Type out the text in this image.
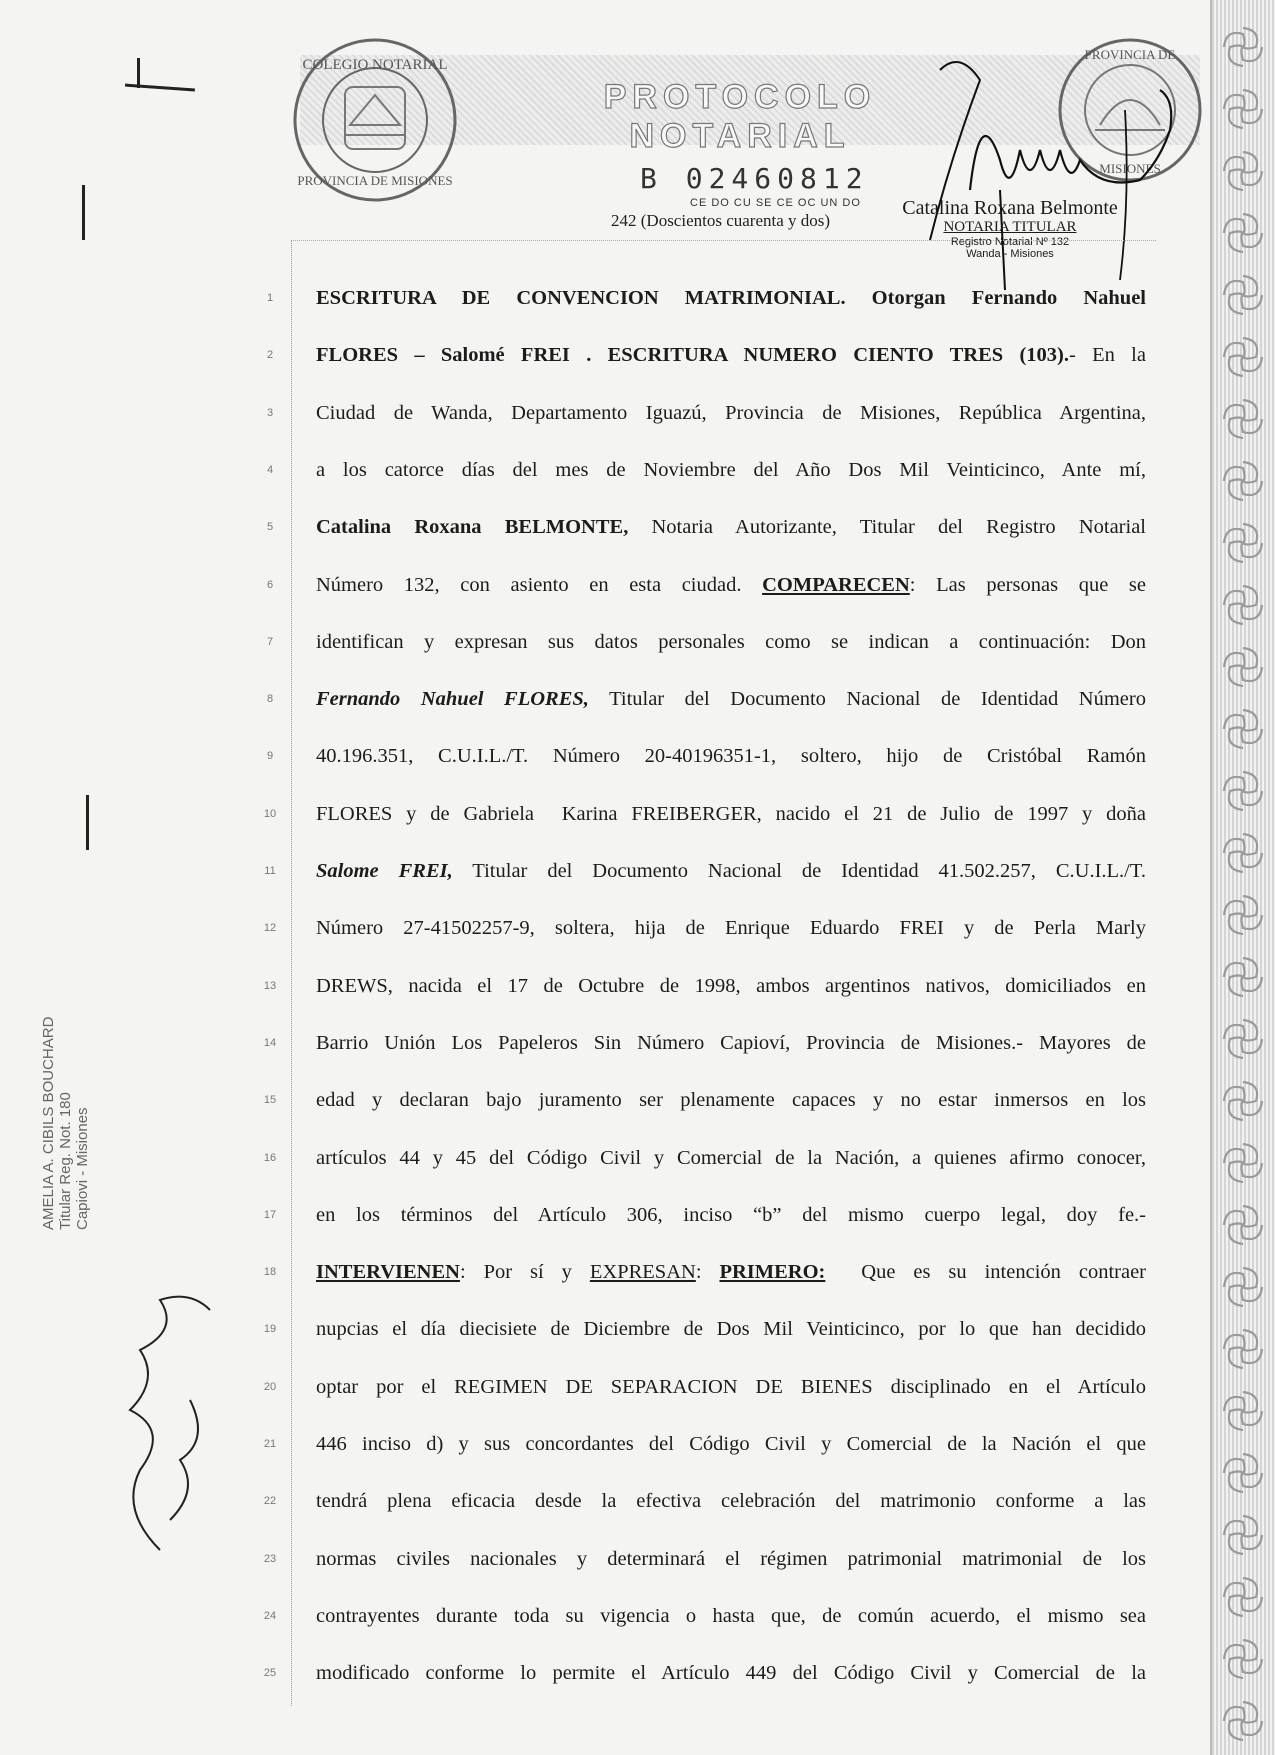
PROTOCOLO NOTARIAL
COLEGIO NOTARIAL
PROVINCIA DE MISIONES
PROVINCIA DE
MISIONES
B 02460812
CE DO CU SE CE OC UN DO
242 (Doscientos cuarenta y dos)
Catalina Roxana Belmonte
NOTARIA TITULAR
Registro Notarial Nº 132
Wanda - Misiones
1	ESCRITURA DE CONVENCION MATRIMONIAL. Otorgan Fernando Nahuel
2	FLORES – Salomé FREI . ESCRITURA NUMERO CIENTO TRES (103).- En la
3	Ciudad de Wanda, Departamento Iguazú, Provincia de Misiones, República Argentina,
4	a los catorce días del mes de Noviembre del Año Dos Mil Veinticinco, Ante mí,
5	Catalina Roxana BELMONTE, Notaria Autorizante, Titular del Registro Notarial
6	Número 132, con asiento en esta ciudad. COMPARECEN: Las personas que se
7	identifican y expresan sus datos personales como se indican a continuación: Don
8	Fernando Nahuel FLORES, Titular del Documento Nacional de Identidad Número
9	40.196.351, C.U.I.L./T. Número 20-40196351-1, soltero, hijo de Cristóbal Ramón
10 FLORES y de Gabriela  Karina FREIBERGER, nacido el 21 de Julio de 1997 y doña
11	Salome FREI, Titular del Documento Nacional de Identidad 41.502.257, C.U.I.L./T.
12 Número 27-41502257-9, soltera, hija de Enrique Eduardo FREI y de Perla Marly
13 DREWS, nacida el 17 de Octubre de 1998, ambos argentinos nativos, domiciliados en
14 Barrio Unión Los Papeleros Sin Número Capioví, Provincia de Misiones.- Mayores de
15 edad y declaran bajo juramento ser plenamente capaces y no estar inmersos en los
16 artículos 44 y 45 del Código Civil y Comercial de la Nación, a quienes afirmo conocer,
17 en los términos del Artículo 306, inciso “b” del mismo cuerpo legal, doy fe.-
18 INTERVIENEN: Por sí y EXPRESAN: PRIMERO:  Que es su intención contraer
19 nupcias el día diecisiete de Diciembre de Dos Mil Veinticinco, por lo que han decidido
20 optar por el REGIMEN DE SEPARACION DE BIENES disciplinado en el Artículo
21 446 inciso d) y sus concordantes del Código Civil y Comercial de la Nación el que
22 tendrá plena eficacia desde la efectiva celebración del matrimonio conforme a las
23 normas civiles nacionales y determinará el régimen patrimonial matrimonial de los
24 contrayentes durante toda su vigencia o hasta que, de común acuerdo, el mismo sea
25 modificado conforme lo permite el Artículo 449 del Código Civil y Comercial de la
AMELIA A. CIBILS BOUCHARD Titular Reg. Not. 180 Capiovi - Misiones
